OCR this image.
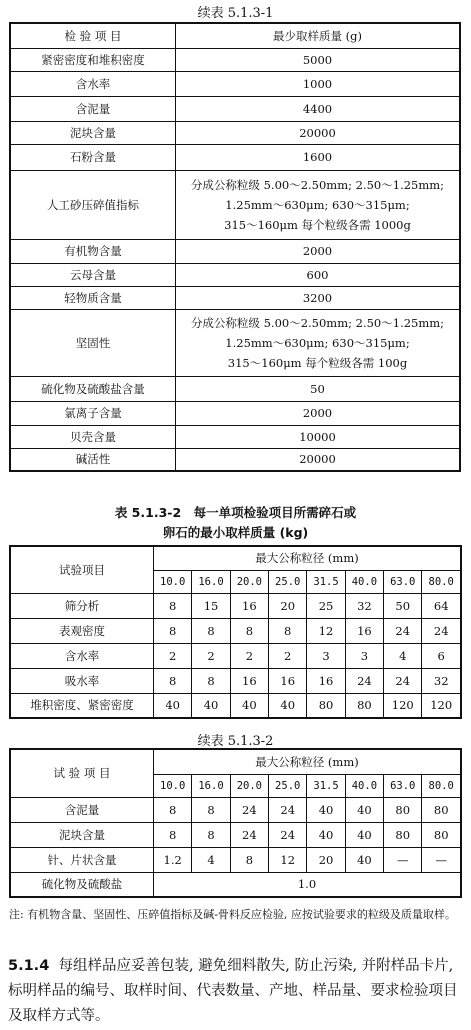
续表 5.1.3-1
检 验 项 目	最少取样质量 (g)
紧密密度和堆积密度	5000
含水率	1000
含泥量	4400
泥块含量	20000
石粉含量	1600
人工砂压碎值指标	分成公称粒级 5.00～2.50mm; 2.50～1.25mm;
1.25mm～630μm; 630～315μm;
315～160μm 每个粒级各需 1000g
有机物含量	2000
云母含量	600
轻物质含量	3200
坚固性	分成公称粒级 5.00～2.50mm; 2.50～1.25mm;
1.25mm～630μm; 630～315μm;
315～160μm 每个粒级各需 100g
硫化物及硫酸盐含量	50
氯离子含量	2000
贝壳含量	10000
碱活性	20000
表 5.1.3-2　每一单项检验项目所需碎石或
卵石的最小取样质量 (kg)
试验项目	最大公称粒径 (mm)							
	10.0	16.0	20.0	25.0	31.5	40.0	63.0	80.0
筛分析	8	15	16	20	25	32	50	64
表观密度	8	8	8	8	12	16	24	24
含水率	2	2	2	2	3	3	4	6
吸水率	8	8	16	16	16	24	24	32
堆积密度、紧密密度	40	40	40	40	80	80	120	120
续表 5.1.3-2
试 验 项 目	最大公称粒径 (mm)							
	10.0	16.0	20.0	25.0	31.5	40.0	63.0	80.0
含泥量	8	8	24	24	40	40	80	80
泥块含量	8	8	24	24	40	40	80	80
针、片状含量	1.2	4	8	12	20	40	—	—
硫化物及硫酸盐	1.0							
注: 有机物含量、坚固性、压碎值指标及碱-骨料反应检验, 应按试验要求的粒级及质量取样。
5.1.4 每组样品应妥善包装, 避免细料散失, 防止污染, 并附样品卡片, 标明样品的编号、取样时间、代表数量、产地、样品量、要求检验项目及取样方式等。
